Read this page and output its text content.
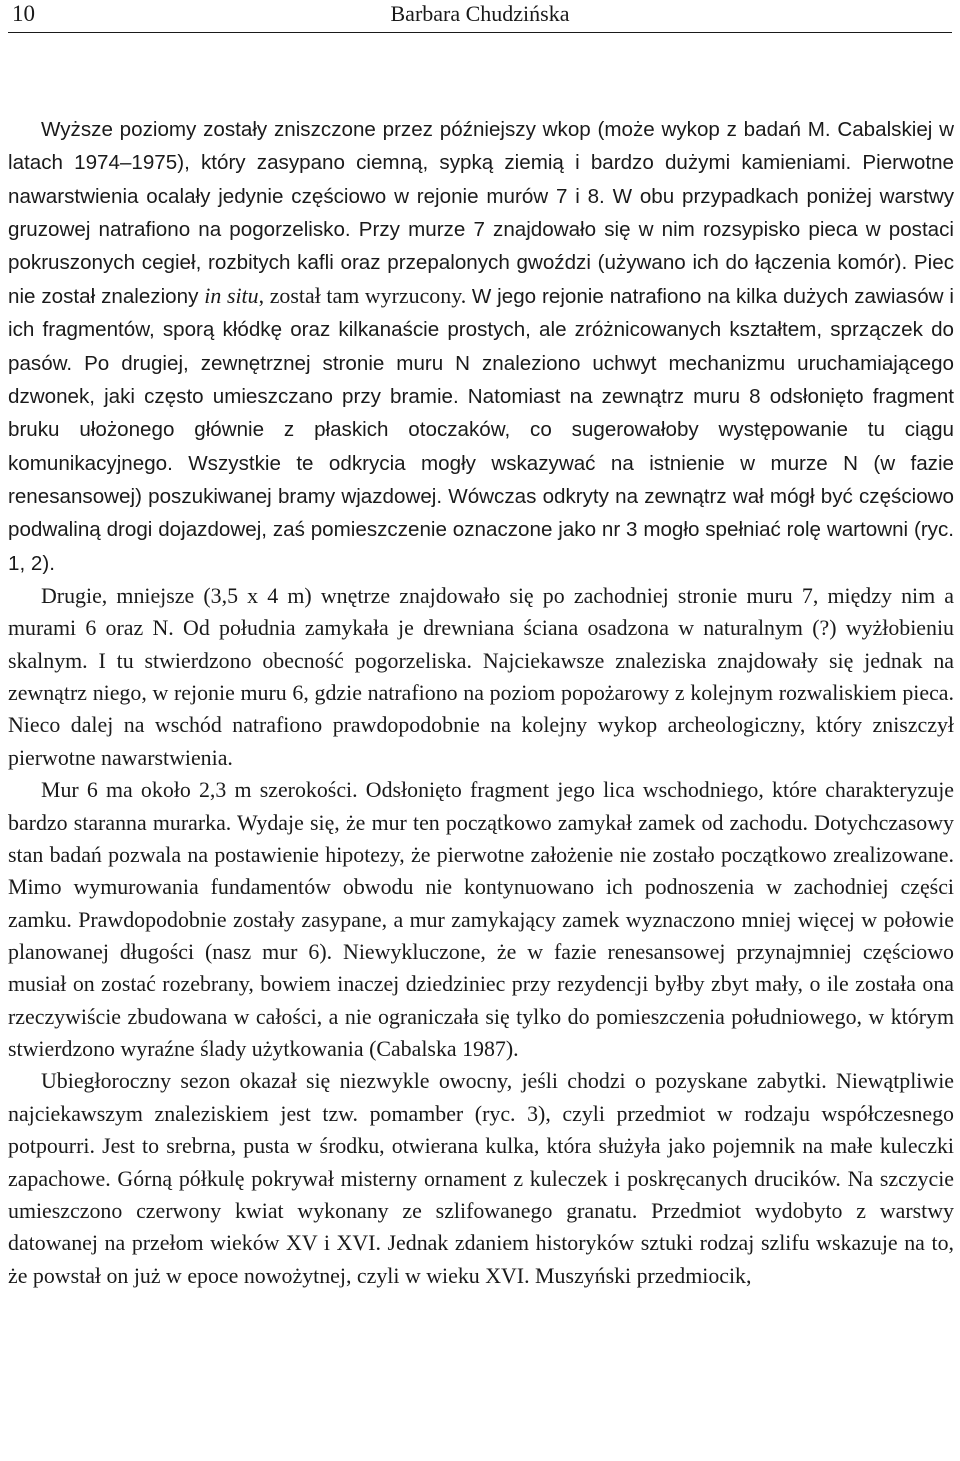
10	Barbara Chudzińska

Wyższe poziomy zostały zniszczone przez późniejszy wkop (może wykop z badań M. Cabalskiej w latach 1974–1975), który zasypano ciemną, sypką ziemią i bardzo dużymi kamieniami. Pierwotne nawarstwienia ocalały jedynie częściowo w rejonie murów 7 i 8. W obu przypadkach poniżej warstwy gruzowej natrafiono na pogorzelisko. Przy murze 7 znajdowało się w nim rozsypisko pieca w postaci pokruszonych cegieł, rozbitych kafli oraz przepalonych gwoździ (używano ich do łączenia komór). Piec nie został znaleziony in situ, został tam wyrzucony. W jego rejonie natrafiono na kilka dużych zawiasów i ich fragmentów, sporą kłódkę oraz kilkanaście prostych, ale zróżnicowanych kształtem, sprzączek do pasów. Po drugiej, zewnętrznej stronie muru N znaleziono uchwyt mechanizmu uruchamiającego dzwonek, jaki często umieszczano przy bramie. Natomiast na zewnątrz muru 8 odsłonięto fragment bruku ułożonego głównie z płaskich otoczaków, co sugerowałoby występowanie tu ciągu komunikacyjnego. Wszystkie te odkrycia mogły wskazywać na istnienie w murze N (w fazie renesansowej) poszukiwanej bramy wjazdowej. Wówczas odkryty na zewnątrz wał mógł być częściowo podwaliną drogi dojazdowej, zaś pomieszczenie oznaczone jako nr 3 mogło spełniać rolę wartowni (ryc. 1, 2).

Drugie, mniejsze (3,5 x 4 m) wnętrze znajdowało się po zachodniej stronie muru 7, między nim a murami 6 oraz N. Od południa zamykała je drewniana ściana osadzona w naturalnym (?) wyżłobieniu skalnym. I tu stwierdzono obecność pogorzeliska. Najciekawsze znaleziska znajdowały się jednak na zewnątrz niego, w rejonie muru 6, gdzie natrafiono na poziom popożarowy z kolejnym rozwaliskiem pieca. Nieco dalej na wschód natrafiono prawdopodobnie na kolejny wykop archeologiczny, który zniszczył pierwotne nawarstwienia.

Mur 6 ma około 2,3 m szerokości. Odsłonięto fragment jego lica wschodniego, które charakteryzuje bardzo staranna murarka. Wydaje się, że mur ten początkowo zamykał zamek od zachodu. Dotychczasowy stan badań pozwala na postawienie hipotezy, że pierwotne założenie nie zostało początkowo zrealizowane. Mimo wymurowania fundamentów obwodu nie kontynuowano ich podnoszenia w zachodniej części zamku. Prawdopodobnie zostały zasypane, a mur zamykający zamek wyznaczono mniej więcej w połowie planowanej długości (nasz mur 6). Niewykluczone, że w fazie renesansowej przynajmniej częściowo musiał on zostać rozebrany, bowiem inaczej dziedziniec przy rezydencji byłby zbyt mały, o ile została ona rzeczywiście zbudowana w całości, a nie ograniczała się tylko do pomieszczenia południowego, w którym stwierdzono wyraźne ślady użytkowania (Cabalska 1987).

Ubiegłoroczny sezon okazał się niezwykle owocny, jeśli chodzi o pozyskane zabytki. Niewątpliwie najciekawszym znaleziskiem jest tzw. pomamber (ryc. 3), czyli przedmiot w rodzaju współczesnego potpourri. Jest to srebrna, pusta w środku, otwierana kulka, która służyła jako pojemnik na małe kuleczki zapachowe. Górną półkulę pokrywał misterny ornament z kuleczek i poskręcanych drucików. Na szczycie umieszczono czerwony kwiat wykonany ze szlifowanego granatu. Przedmiot wydobyto z warstwy datowanej na przełom wieków XV i XVI. Jednak zdaniem historyków sztuki rodzaj szlifu wskazuje na to, że powstał on już w epoce nowożytnej, czyli w wieku XVI. Muszyński przedmiocik,
